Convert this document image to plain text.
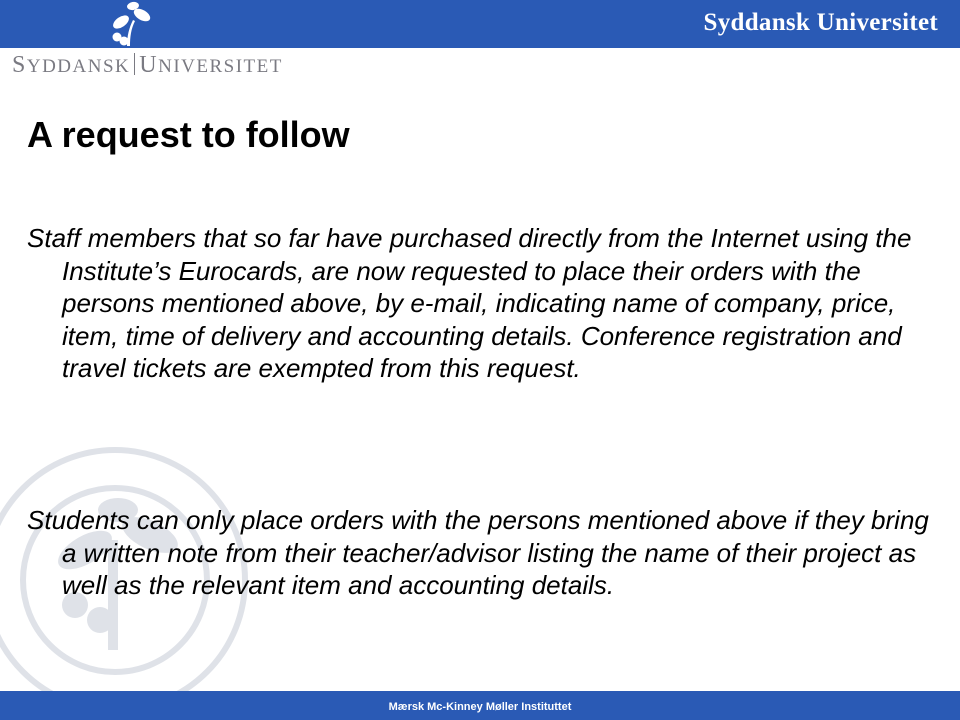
Syddansk Universitet
SYDDANSK UNIVERSITET
A request to follow

Staff members that so far have purchased directly from the Internet using the Institute’s Eurocards, are now requested to place their orders with the persons mentioned above, by e-mail, indicating name of company, price, item, time of delivery and accounting details. Conference registration and travel tickets are exempted from this request.

Students can only place orders with the persons mentioned above if they bring a written note from their teacher/advisor listing the name of their project as well as the relevant item and accounting details.

Mærsk Mc-Kinney Møller Instituttet
